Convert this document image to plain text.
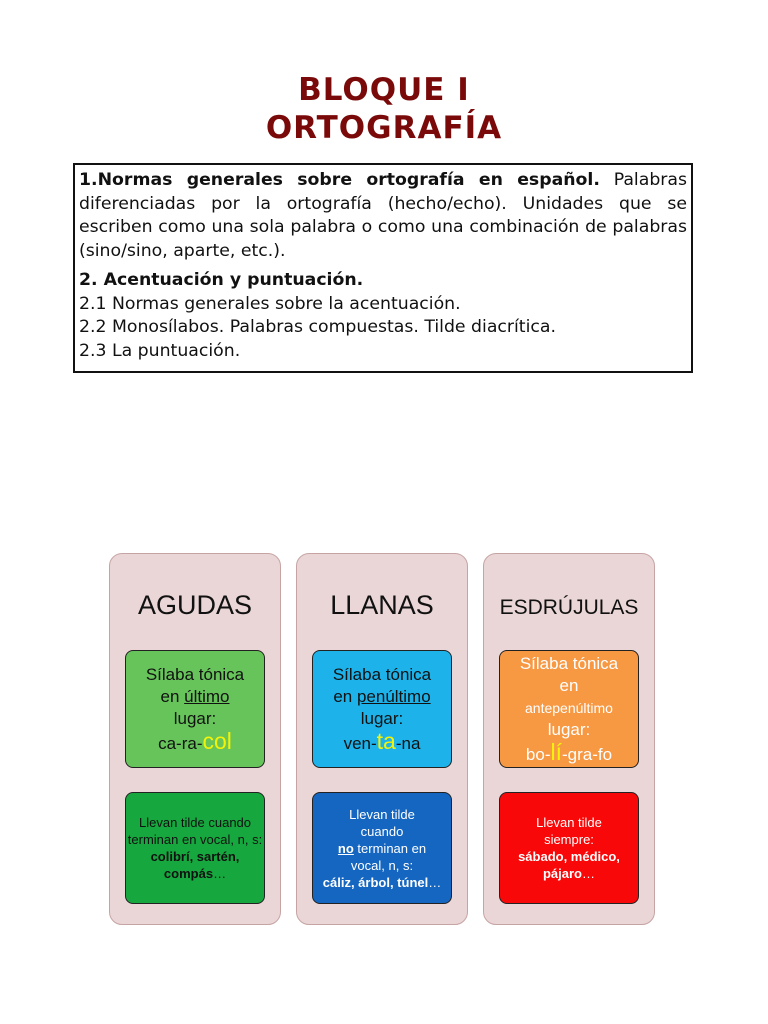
BLOQUE I
ORTOGRAFÍA

1.Normas generales sobre ortografía en español. Palabras diferenciadas por la ortografía (hecho/echo). Unidades que se escriben como una sola palabra o como una combinación de palabras (sino/sino, aparte, etc.).

2. Acentuación y puntuación.

2.1 Normas generales sobre la acentuación.

2.2 Monosílabos. Palabras compuestas. Tilde diacrítica.

2.3 La puntuación.

AGUDAS
Sílaba tónica
en último
lugar:
ca-ra-col
Llevan tilde cuando terminan en vocal, n, s: colibrí, sartén, compás…
LLANAS
Sílaba tónica
en penúltimo
lugar:
ven-ta-na
Llevan tilde
cuando
no terminan en
vocal, n, s:
cáliz, árbol, túnel…
ESDRÚJULAS
Sílaba tónica
en
antepenúltimo
lugar:
bo-lí-gra-fo
Llevan tilde
siempre:
sábado, médico, pájaro…
